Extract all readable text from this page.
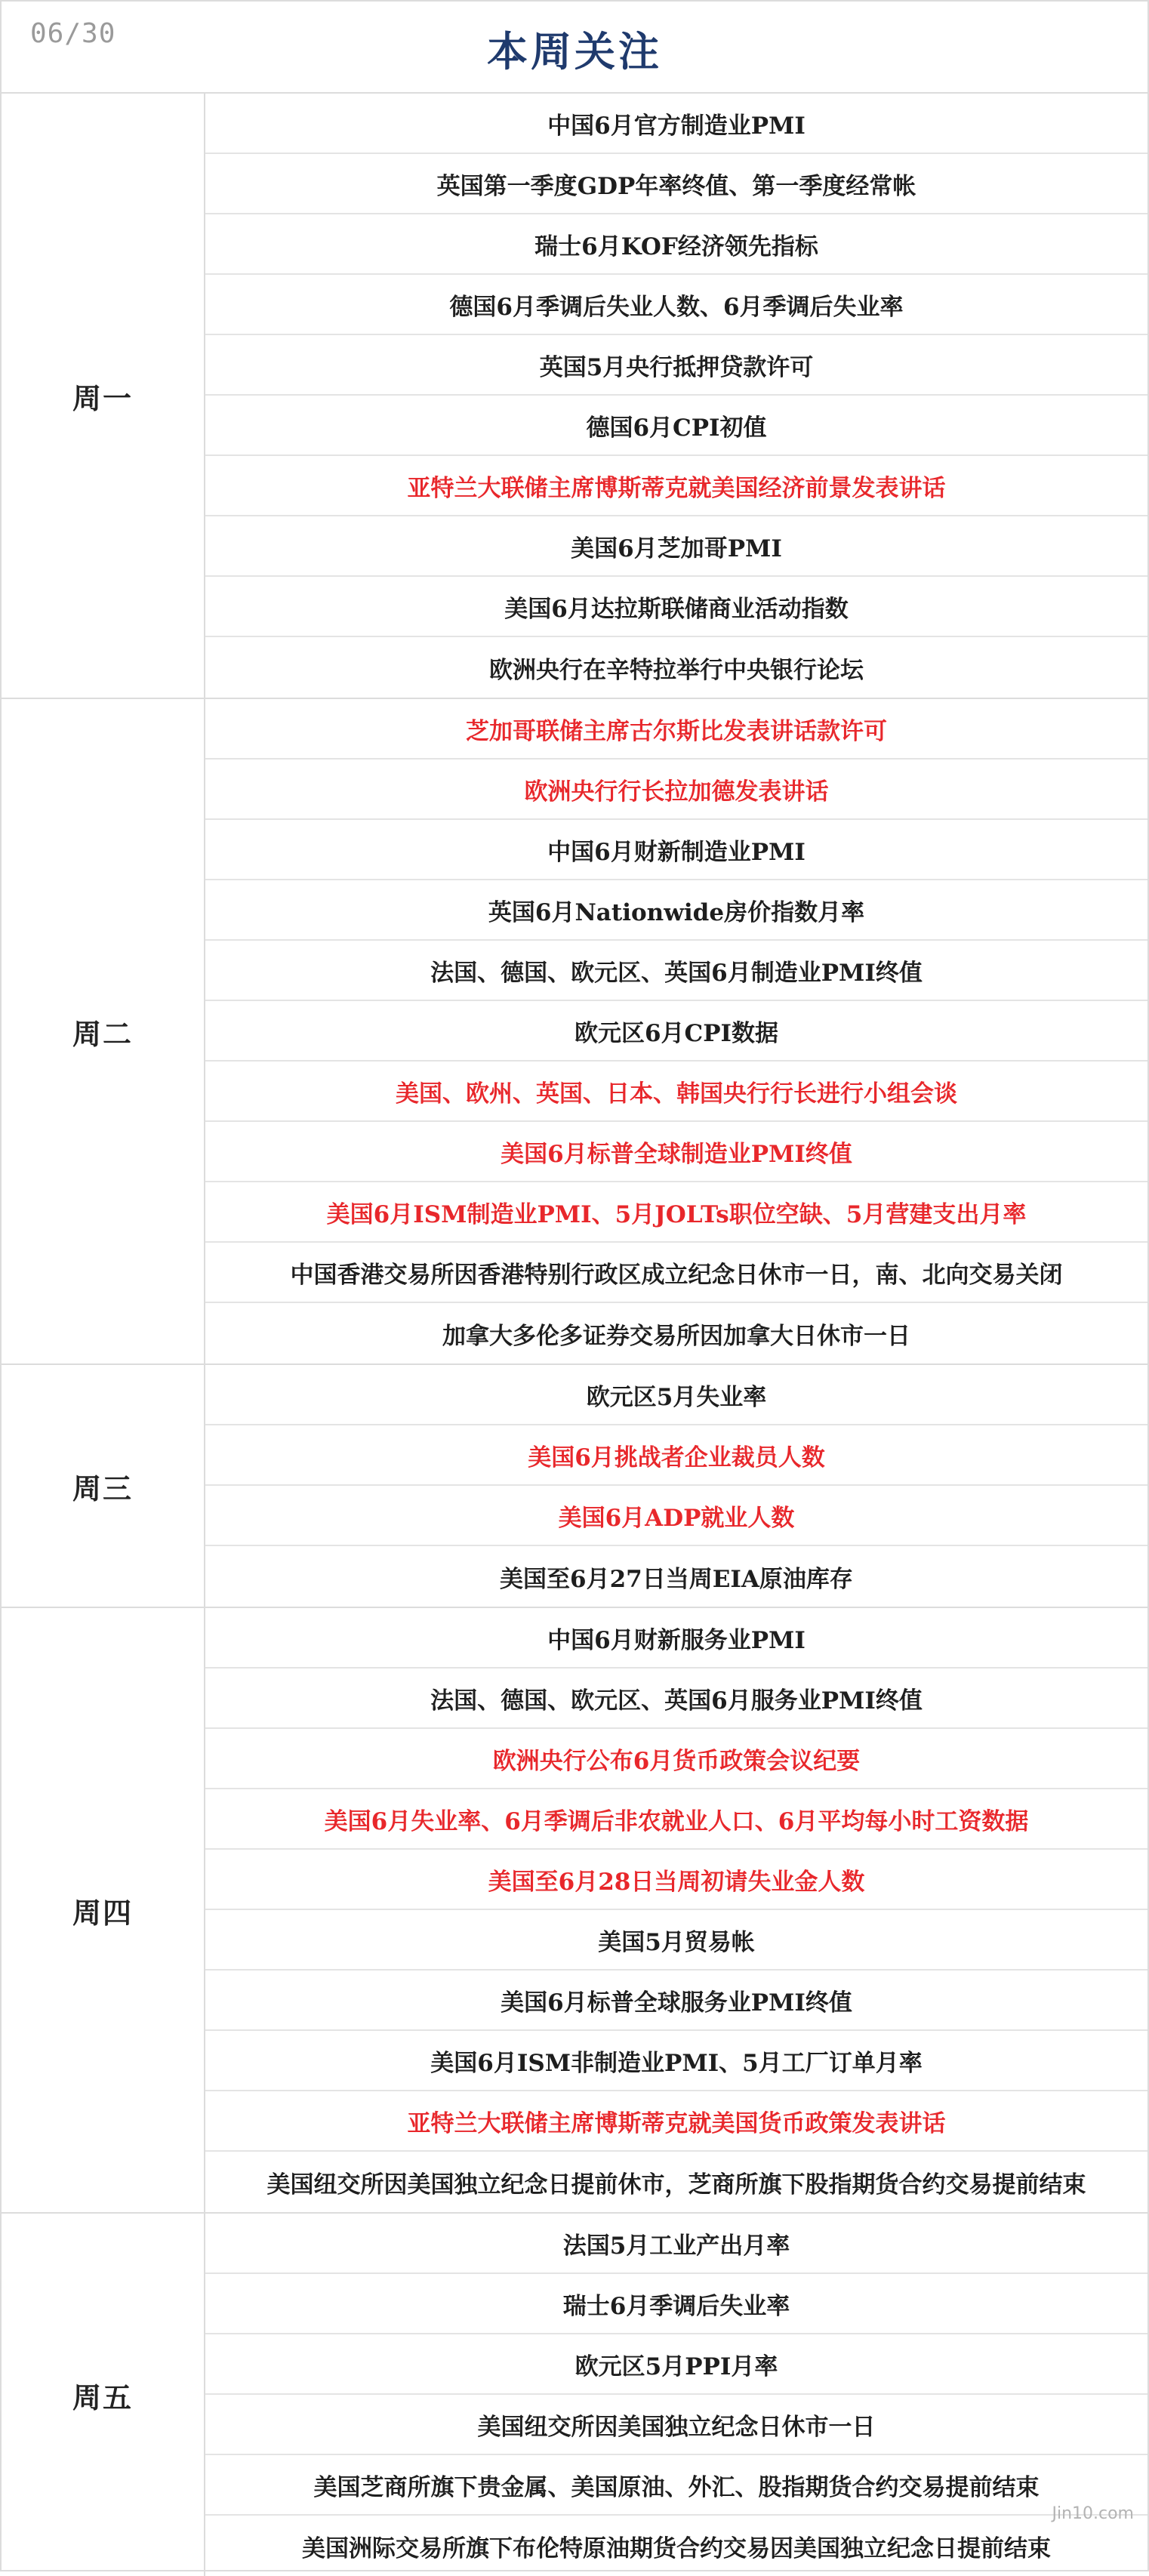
06/30	本周关注
周一
中国6月官方制造业PMI
英国第一季度GDP年率终值、第一季度经常帐
瑞士6月KOF经济领先指标
德国6月季调后失业人数、6月季调后失业率
英国5月央行抵押贷款许可
德国6月CPI初值
亚特兰大联储主席博斯蒂克就美国经济前景发表讲话
美国6月芝加哥PMI
美国6月达拉斯联储商业活动指数
欧洲央行在辛特拉举行中央银行论坛
周二
芝加哥联储主席古尔斯比发表讲话款许可
欧洲央行行长拉加德发表讲话
中国6月财新制造业PMI
英国6月Nationwide房价指数月率
法国、德国、欧元区、英国6月制造业PMI终值
欧元区6月CPI数据
美国、欧州、英国、日本、韩国央行行长进行小组会谈
美国6月标普全球制造业PMI终值
美国6月ISM制造业PMI、5月JOLTs职位空缺、5月营建支出月率
中国香港交易所因香港特别行政区成立纪念日休市一日，南、北向交易关闭
加拿大多伦多证券交易所因加拿大日休市一日
周三
欧元区5月失业率
美国6月挑战者企业裁员人数
美国6月ADP就业人数
美国至6月27日当周EIA原油库存
周四
中国6月财新服务业PMI
法国、德国、欧元区、英国6月服务业PMI终值
欧洲央行公布6月货币政策会议纪要
美国6月失业率、6月季调后非农就业人口、6月平均每小时工资数据
美国至6月28日当周初请失业金人数
美国5月贸易帐
美国6月标普全球服务业PMI终值
美国6月ISM非制造业PMI、5月工厂订单月率
亚特兰大联储主席博斯蒂克就美国货币政策发表讲话
美国纽交所因美国独立纪念日提前休市，芝商所旗下股指期货合约交易提前结束
周五
法国5月工业产出月率
瑞士6月季调后失业率
欧元区5月PPI月率
美国纽交所因美国独立纪念日休市一日
美国芝商所旗下贵金属、美国原油、外汇、股指期货合约交易提前结束
美国洲际交易所旗下布伦特原油期货合约交易因美国独立纪念日提前结束
Jin10.com
